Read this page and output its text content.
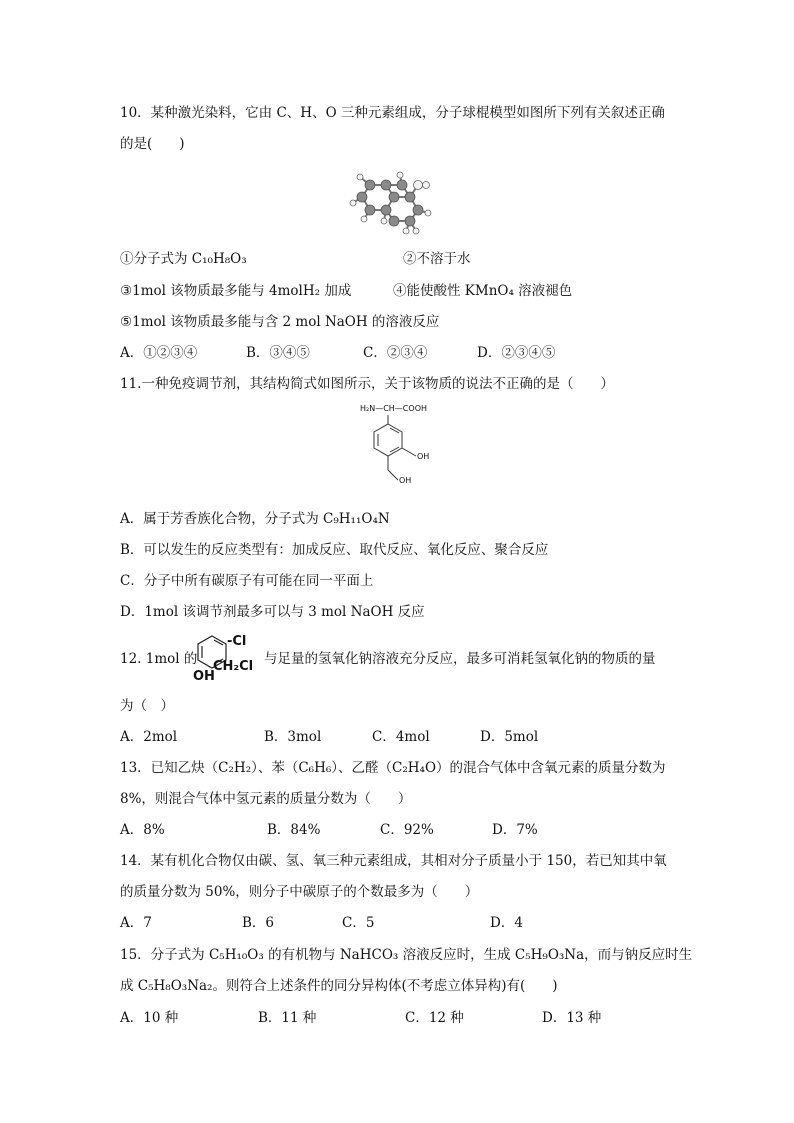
10．某种激光染料，它由 C、H、O 三种元素组成，分子球棍模型如图所下列有关叙述正确
的是(　　)
①分子式为 C₁₀H₈O₃	②不溶于水
③1mol 该物质最多能与 4molH₂ 加成	④能使酸性 KMnO₄ 溶液褪色
⑤1mol 该物质最多能与含 2 mol NaOH 的溶液反应
A．①②③④	B．③④⑤	C．②③④	D．②③④⑤
11.一种免疫调节剂，其结构简式如图所示，关于该物质的说法不正确的是（　　）
H₂N—CH—COOH
OH
OH
A．属于芳香族化合物，分子式为 C₉H₁₁O₄N
B．可以发生的反应类型有：加成反应、取代反应、氧化反应、聚合反应
C．分子中所有碳原子有可能在同一平面上
D．1mol 该调节剂最多可以与 3 mol NaOH 反应
12. 1mol 的
-Cl
CH₂Cl
OH
与足量的氢氧化钠溶液充分反应，最多可消耗氢氧化钠的物质的量
为（　）
A．2mol	B．3mol	C．4mol	D．5mol
13．已知乙炔（C₂H₂）、苯（C₆H₆）、乙醛（C₂H₄O）的混合气体中含氧元素的质量分数为
8%，则混合气体中氢元素的质量分数为（　　）
A．8%	B．84%	C．92%	D．7%
14．某有机化合物仅由碳、氢、氧三种元素组成，其相对分子质量小于 150，若已知其中氧
的质量分数为 50%，则分子中碳原子的个数最多为（　　）
A．7	B．6	C．5	D．4
15．分子式为 C₅H₁₀O₃ 的有机物与 NaHCO₃ 溶液反应时，生成 C₅H₉O₃Na，而与钠反应时生
成 C₅H₈O₃Na₂。则符合上述条件的同分异构体(不考虑立体异构)有(　　)
A．10 种	B．11 种	C．12 种	D．13 种
